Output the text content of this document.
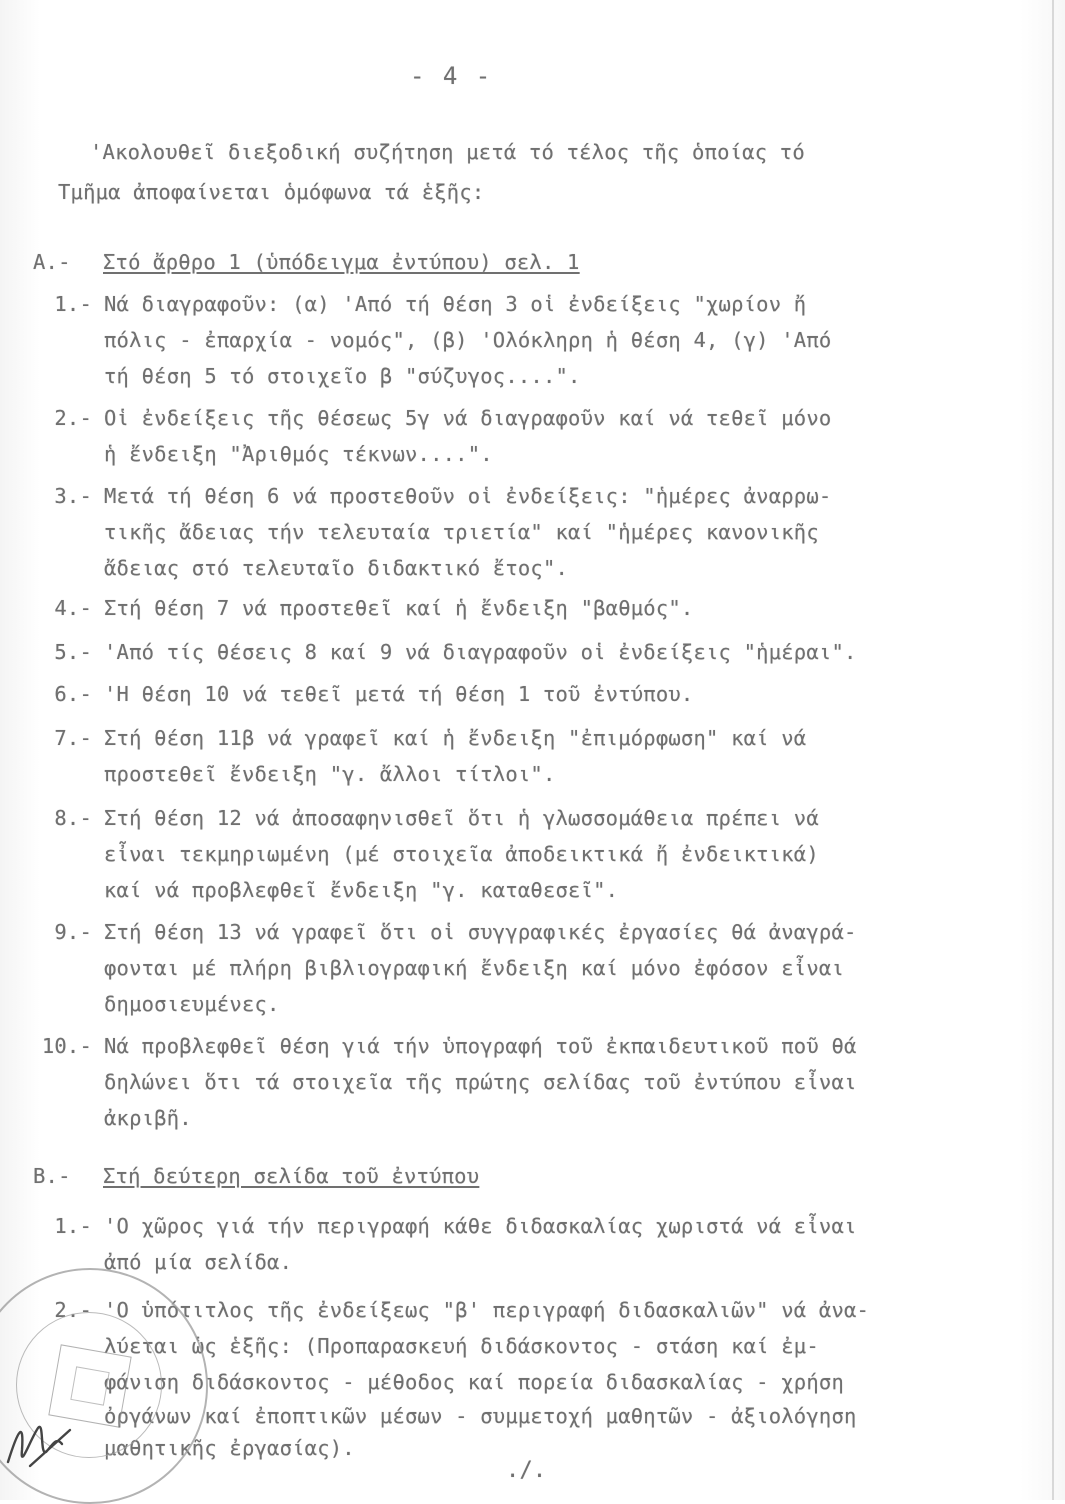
- 4 -
'Ακολουθεῖ διεξοδική συζήτηση μετά τό τέλος τῆς ὁποίας τό
Τμῆμα ἀποφαίνεται ὁμόφωνα τά ἑξῆς:
Α.- Στό ἄρθρο 1 (ὑπόδειγμα ἐντύπου) σελ. 1
1.- Νά διαγραφοῦν: (α) 'Από τή θέση 3 οἱ ἐνδείξεις "χωρίον ἤ
πόλις - ἐπαρχία - νομός", (β) 'Ολόκληρη ἡ θέση 4, (γ) 'Από
τή θέση 5 τό στοιχεῖο β "σύζυγος....".
2.- Οἱ ἐνδείξεις τῆς θέσεως 5γ νά διαγραφοῦν καί νά τεθεῖ μόνο
ἡ ἔνδειξη "Ἀριθμός τέκνων....".
3.- Μετά τή θέση 6 νά προστεθοῦν οἱ ἐνδείξεις: "ἡμέρες ἀναρρω-
τικῆς ἄδειας τήν τελευταία τριετία" καί "ἡμέρες κανονικῆς
ἄδειας στό τελευταῖο διδακτικό ἔτος".
4.- Στή θέση 7 νά προστεθεῖ καί ἡ ἔνδειξη "βαθμός".
5.- 'Από τίς θέσεις 8 καί 9 νά διαγραφοῦν οἱ ἐνδείξεις "ἡμέραι".
6.- 'Η θέση 10 νά τεθεῖ μετά τή θέση 1 τοῦ ἐντύπου.
7.- Στή θέση 11β νά γραφεῖ καί ἡ ἔνδειξη "ἐπιμόρφωση" καί νά
προστεθεῖ ἔνδειξη "γ. ἄλλοι τίτλοι".
8.- Στή θέση 12 νά ἀποσαφηνισθεῖ ὅτι ἡ γλωσσομάθεια πρέπει νά
εἶναι τεκμηριωμένη (μέ στοιχεῖα ἀποδεικτικά ἤ ἐνδεικτικά)
καί νά προβλεφθεῖ ἔνδειξη "γ. καταθεσεῖ".
9.- Στή θέση 13 νά γραφεῖ ὅτι οἱ συγγραφικές ἐργασίες θά ἀναγρά-
φονται μέ πλήρη βιβλιογραφική ἔνδειξη καί μόνο ἐφόσον εἶναι
δημοσιευμένες.
10.- Νά προβλεφθεῖ θέση γιά τήν ὑπογραφή τοῦ ἐκπαιδευτικοῦ ποῦ θά
δηλώνει ὅτι τά στοιχεῖα τῆς πρώτης σελίδας τοῦ ἐντύπου εἶναι
ἀκριβῆ.
Β.- Στή δεύτερη σελίδα τοῦ ἐντύπου
1.- 'Ο χῶρος γιά τήν περιγραφή κάθε διδασκαλίας χωριστά νά εἶναι
ἀπό μία σελίδα.
2.- 'Ο ὑπότιτλος τῆς ἐνδείξεως "β' περιγραφή διδασκαλιῶν" νά ἀνα-
λύεται ὡς ἑξῆς: (Προπαρασκευή διδάσκοντος - στάση καί ἐμ-
φάνιση διδάσκοντος - μέθοδος καί πορεία διδασκαλίας - χρήση
ὀργάνων καί ἐποπτικῶν μέσων - συμμετοχή μαθητῶν - ἀξιολόγηση
μαθητικῆς ἐργασίας).
./.
